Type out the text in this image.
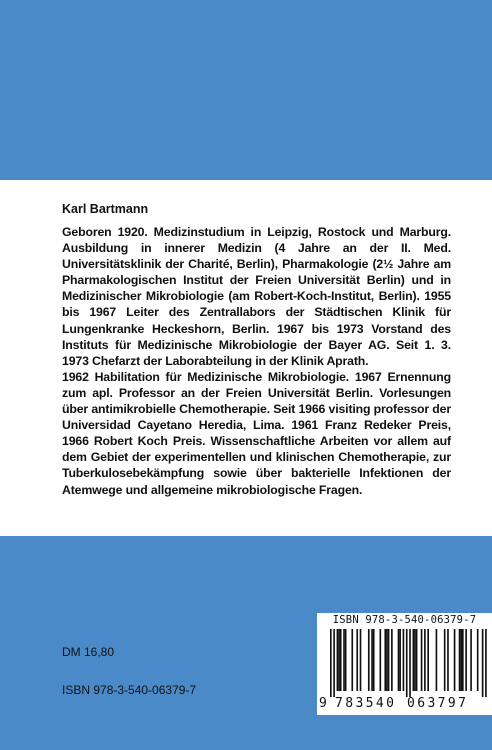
Karl Bartmann

Geboren 1920. Medizinstudium in Leipzig, Rostock und Marburg. Ausbildung in innerer Medizin (4 Jahre an der II. Med. Universitätsklinik der Charité, Berlin), Pharmakologie (2½ Jahre am Pharmakologischen Institut der Freien Universität Berlin) und in Medizinischer Mikrobiologie (am Robert-Koch-Institut, Berlin). 1955 bis 1967 Leiter des Zentrallabors der Städtischen Klinik für Lungenkranke Heckeshorn, Berlin. 1967 bis 1973 Vorstand des Instituts für Medizinische Mikrobiologie der Bayer AG. Seit 1. 3. 1973 Chefarzt der Laborabteilung in der Klinik Aprath.

1962 Habilitation für Medizinische Mikrobiologie. 1967 Ernennung zum apl. Professor an der Freien Universität Berlin. Vorlesungen über antimikrobielle Chemotherapie. Seit 1966 visiting professor der Universidad Cayetano Heredia, Lima. 1961 Franz Redeker Preis, 1966 Robert Koch Preis. Wissenschaftliche Arbeiten vor allem auf dem Gebiet der experimentellen und klinischen Chemotherapie, zur Tuberkulosebekämpfung sowie über bakterielle Infektionen der Atemwege und allgemeine mikrobiologische Fragen.

DM 16,80
ISBN 978-3-540-06379-7
ISBN 978-3-540-06379-7
9 783540 063797
